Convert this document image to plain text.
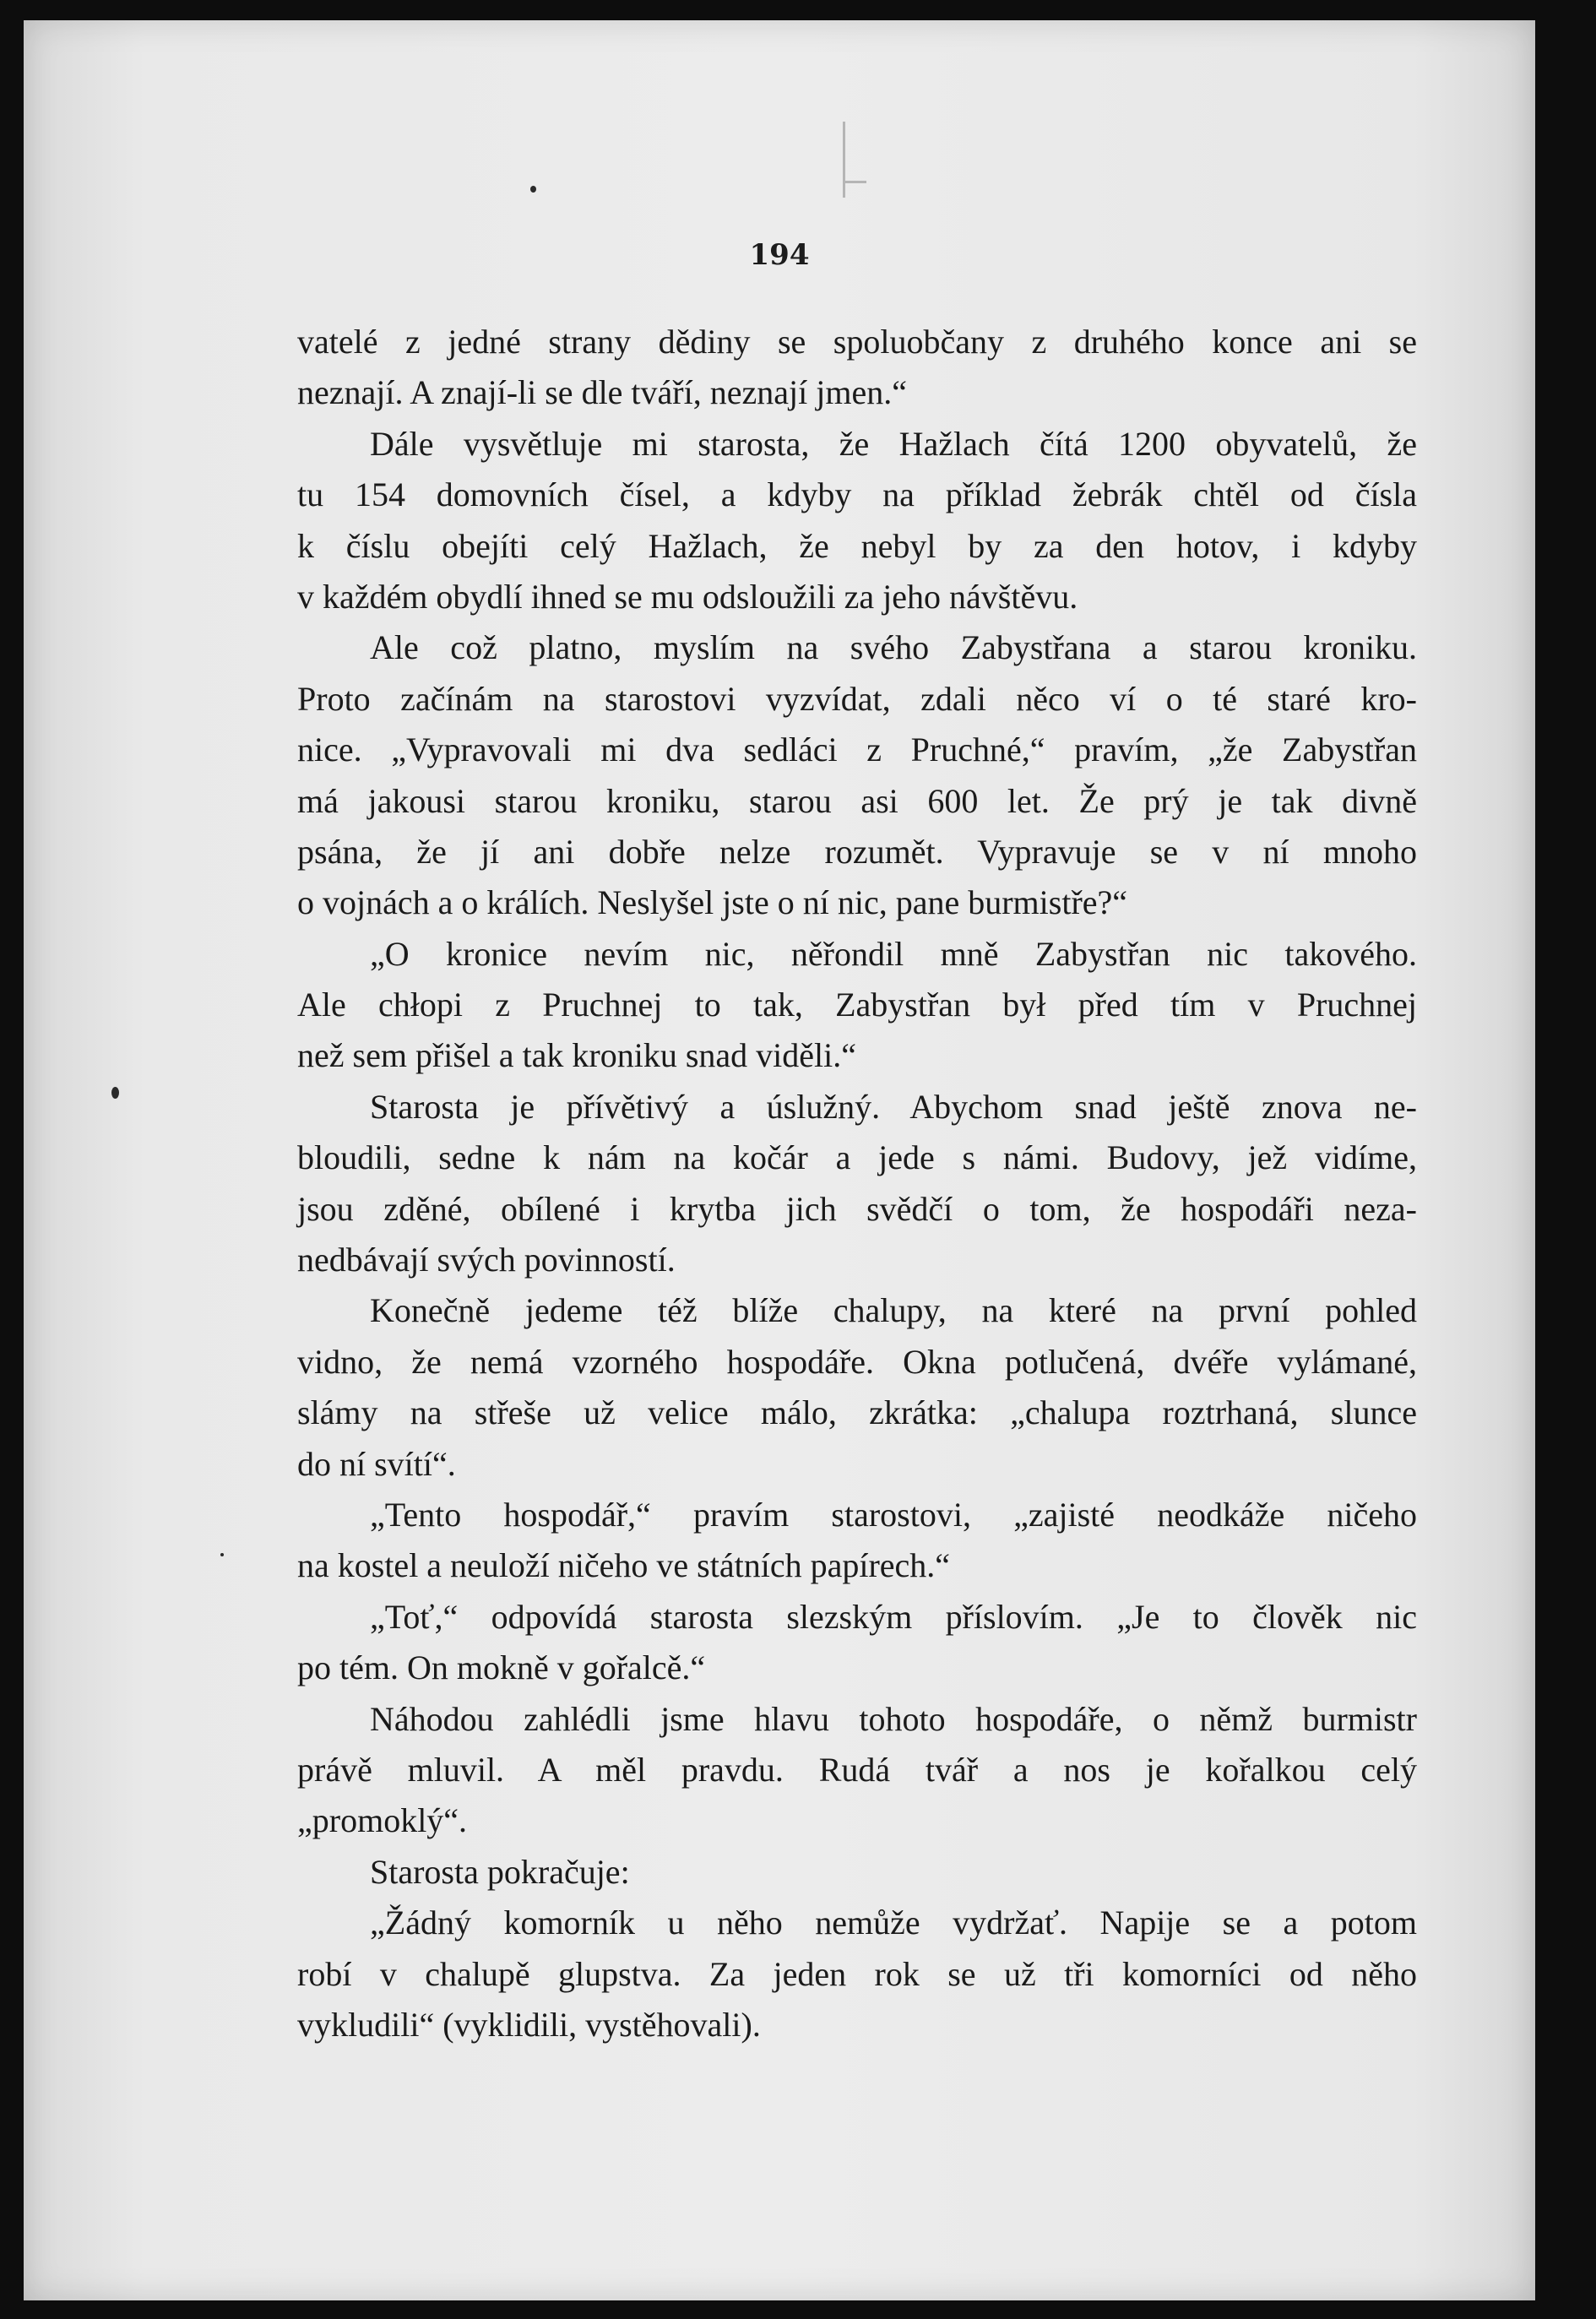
194
vatelé z jedné strany dědiny se spoluobčany z druhého konce ani se
neznají. A znají-li se dle tváří, neznají jmen.“
Dále vysvětluje mi starosta, že Hažlach čítá 1200 obyvatelů, že
tu 154 domovních čísel, a kdyby na příklad žebrák chtěl od čísla
k číslu obejíti celý Hažlach, že nebyl by za den hotov, i kdyby
v každém obydlí ihned se mu odsloužili za jeho návštěvu.
Ale což platno, myslím na svého Zabystřana a starou kroniku.
Proto začínám na starostovi vyzvídat, zdali něco ví o té staré kro-
nice. „Vypravovali mi dva sedláci z Pruchné,“ pravím, „že Zabystřan
má jakousi starou kroniku, starou asi 600 let. Že prý je tak divně
psána, že jí ani dobře nelze rozumět. Vypravuje se v ní mnoho
o vojnách a o králích. Neslyšel jste o ní nic, pane burmistře?“
„O kronice nevím nic, něřondil mně Zabystřan nic takového.
Ale chłopi z Pruchnej to tak, Zabystřan był před tím v Pruchnej
než sem přišel a tak kroniku snad viděli.“
Starosta je přívětivý a úslužný. Abychom snad ještě znova ne-
bloudili, sedne k nám na kočár a jede s námi. Budovy, jež vidíme,
jsou zděné, obílené i krytba jich svědčí o tom, že hospodáři neza-
nedbávají svých povinností.
Konečně jedeme též blíže chalupy, na které na první pohled
vidno, že nemá vzorného hospodáře. Okna potlučená, dvéře vylámané,
slámy na střeše už velice málo, zkrátka: „chalupa roztrhaná, slunce
do ní svítí“.
„Tento hospodář,“ pravím starostovi, „zajisté neodkáže ničeho
na kostel a neuloží ničeho ve státních papírech.“
„Toť,“ odpovídá starosta slezským příslovím. „Je to člověk nic
po tém. On mokně v gořalcě.“
Náhodou zahlédli jsme hlavu tohoto hospodáře, o němž burmistr
právě mluvil. A měl pravdu. Rudá tvář a nos je kořalkou celý
„promoklý“.
Starosta pokračuje:
„Žádný komorník u něho nemůže vydržať. Napije se a potom
robí v chalupě glupstva. Za jeden rok se už tři komorníci od něho
vykludili“ (vyklidili, vystěhovali).
